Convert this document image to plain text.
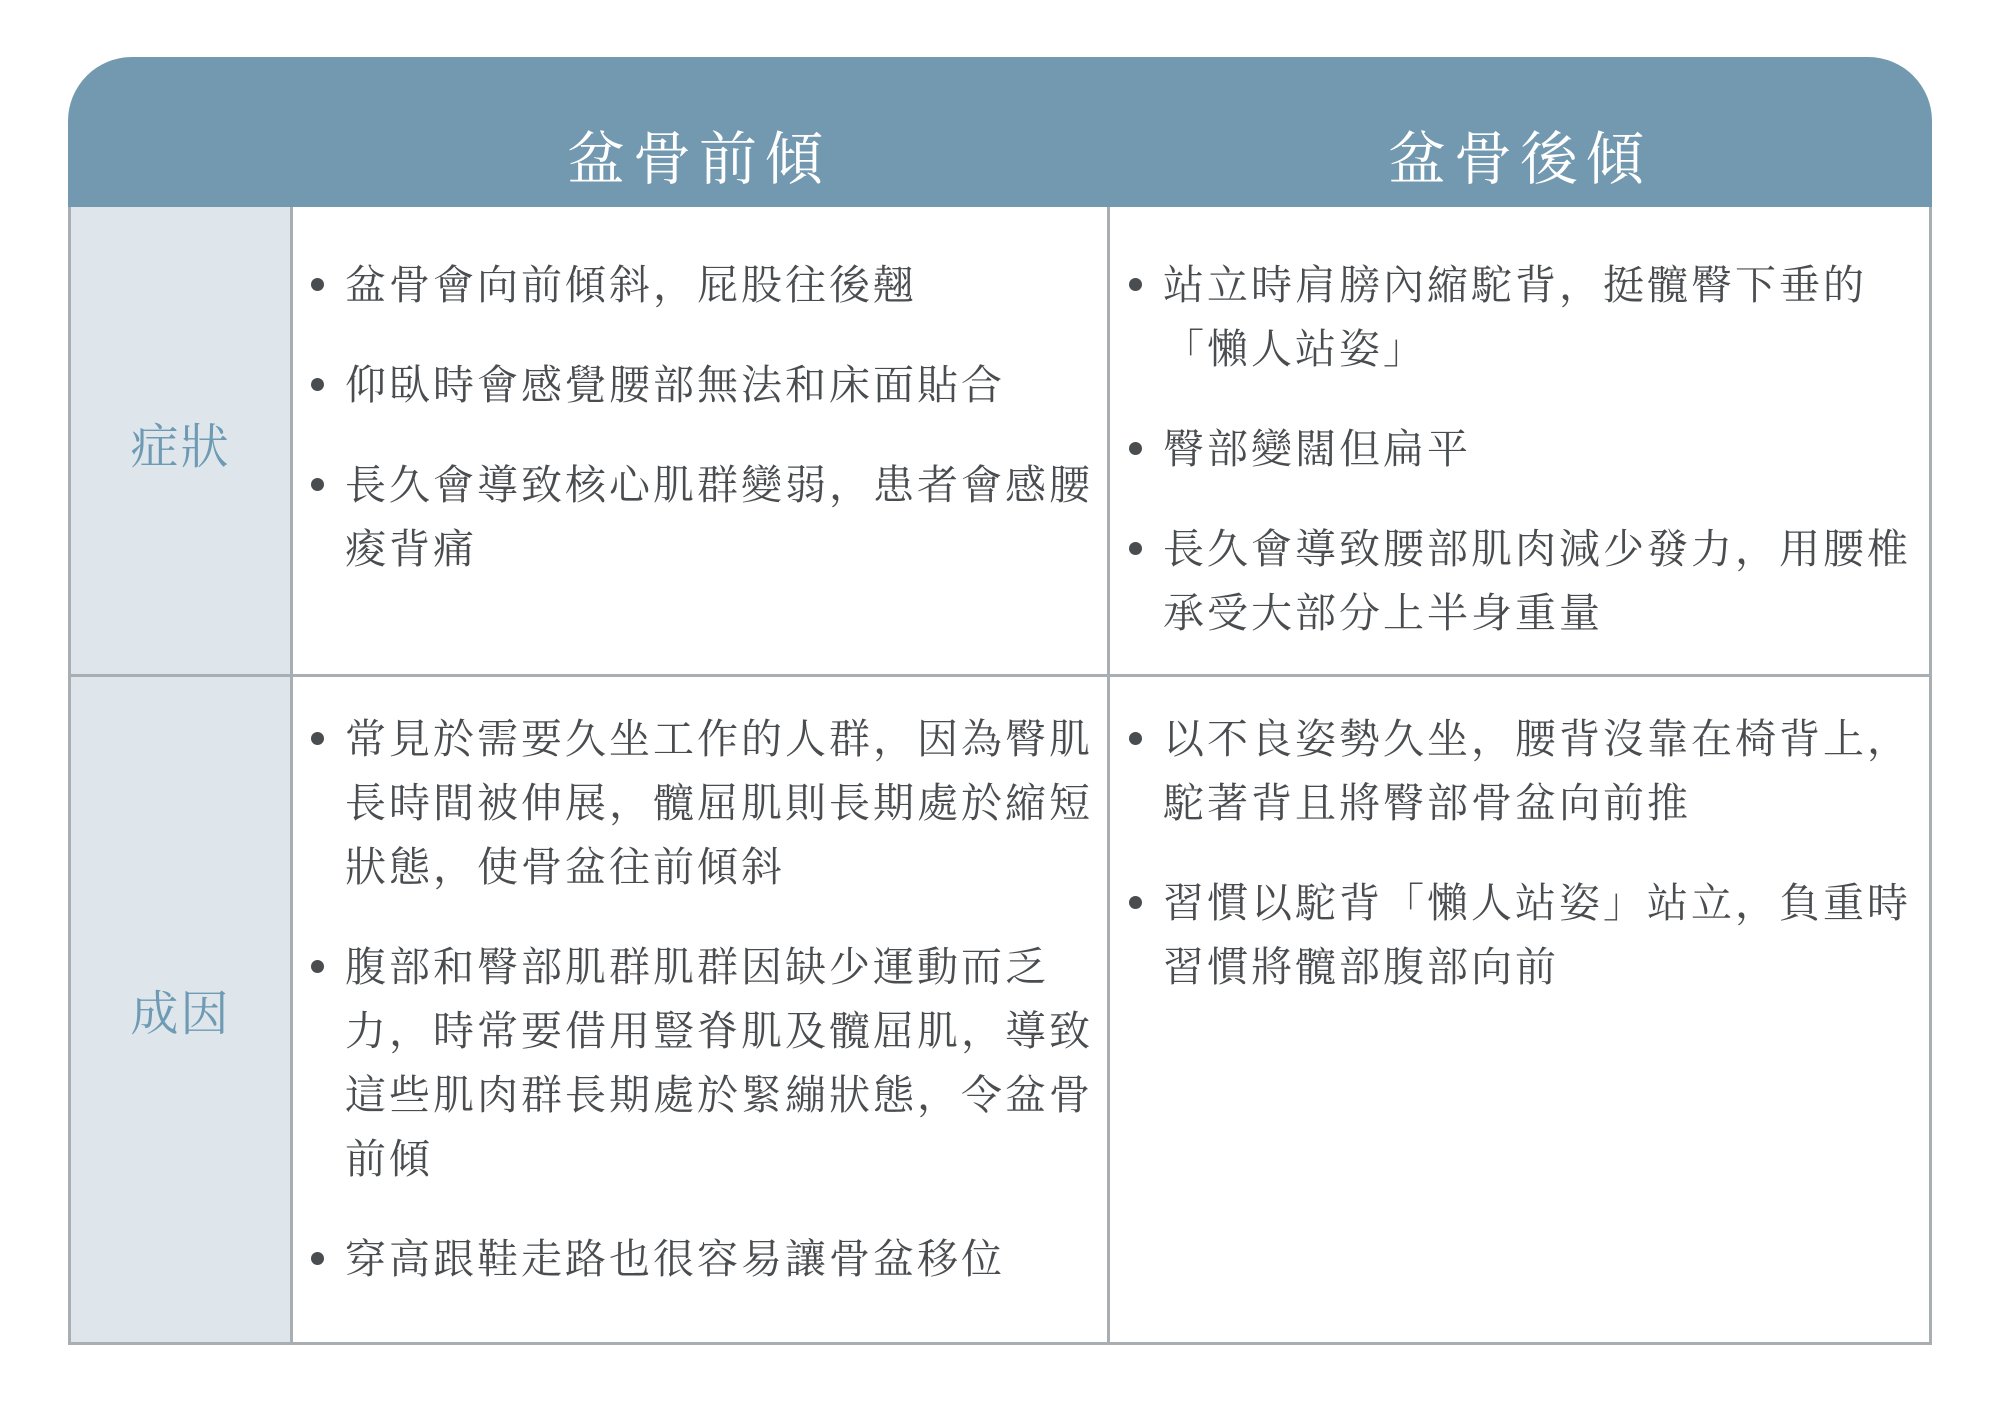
盆骨前傾	盆骨後傾
症狀
成因
盆骨會向前傾斜，屁股往後翹
仰臥時會感覺腰部無法和床面貼合
長久會導致核心肌群變弱，患者會感腰痠背痛
站立時肩膀內縮駝背，挺髖臀下垂的「懶人站姿」
臀部變闊但扁平
長久會導致腰部肌肉減少發力，用腰椎承受大部分上半身重量
常見於需要久坐工作的人群，因為臀肌長時間被伸展，髖屈肌則長期處於縮短狀態，使骨盆往前傾斜
腹部和臀部肌群肌群因缺少運動而乏力，時常要借用豎脊肌及髖屈肌，導致這些肌肉群長期處於緊繃狀態，令盆骨前傾
穿高跟鞋走路也很容易讓骨盆移位
以不良姿勢久坐，腰背沒靠在椅背上，駝著背且將臀部骨盆向前推
習慣以駝背「懶人站姿」站立，負重時習慣將髖部腹部向前
